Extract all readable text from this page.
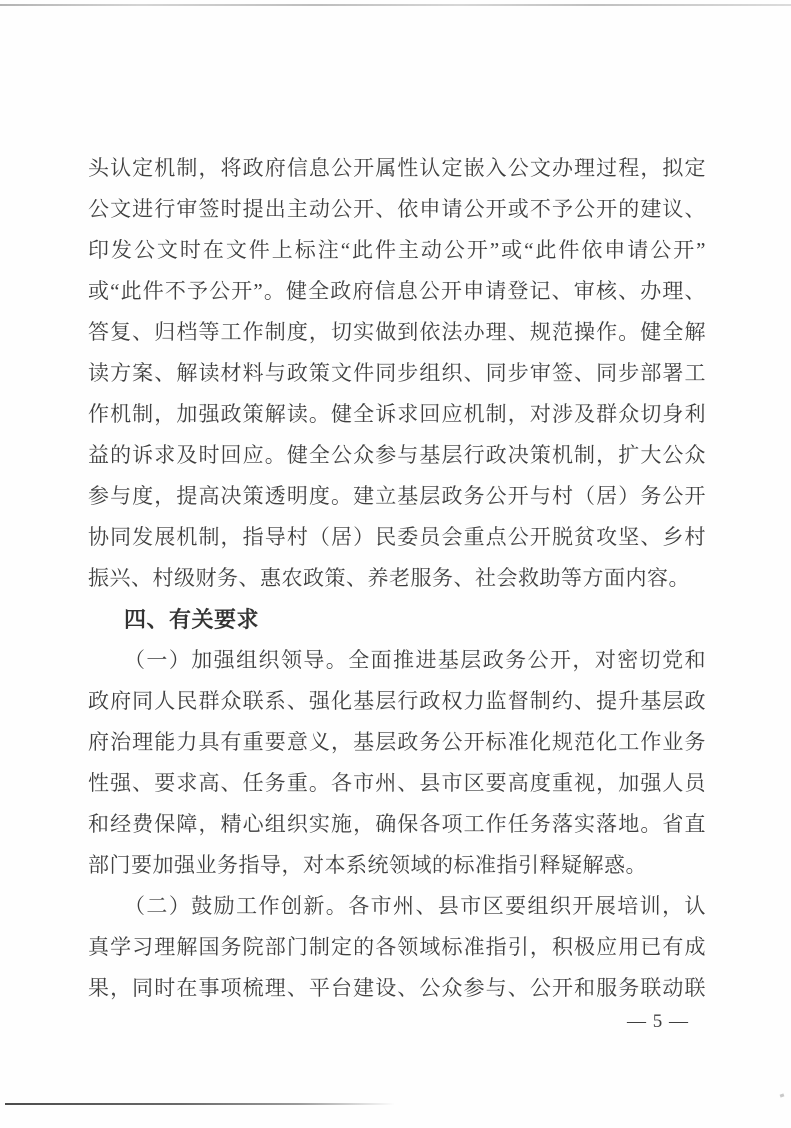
头认定机制，将政府信息公开属性认定嵌入公文办理过程，拟定
公文进行审签时提出主动公开、依申请公开或不予公开的建议、
印发公文时在文件上标注“此件主动公开”或“此件依申请公开”
或“此件不予公开”。健全政府信息公开申请登记、审核、办理、
答复、归档等工作制度，切实做到依法办理、规范操作。健全解
读方案、解读材料与政策文件同步组织、同步审签、同步部署工
作机制，加强政策解读。健全诉求回应机制，对涉及群众切身利
益的诉求及时回应。健全公众参与基层行政决策机制，扩大公众
参与度，提高决策透明度。建立基层政务公开与村（居）务公开
协同发展机制，指导村（居）民委员会重点公开脱贫攻坚、乡村
振兴、村级财务、惠农政策、养老服务、社会救助等方面内容。
四、有关要求
（一）加强组织领导。全面推进基层政务公开，对密切党和
政府同人民群众联系、强化基层行政权力监督制约、提升基层政
府治理能力具有重要意义，基层政务公开标准化规范化工作业务
性强、要求高、任务重。各市州、县市区要高度重视，加强人员
和经费保障，精心组织实施，确保各项工作任务落实落地。省直
部门要加强业务指导，对本系统领域的标准指引释疑解惑。
（二）鼓励工作创新。各市州、县市区要组织开展培训，认
真学习理解国务院部门制定的各领域标准指引，积极应用已有成
果，同时在事项梳理、平台建设、公众参与、公开和服务联动联
— 5 —
